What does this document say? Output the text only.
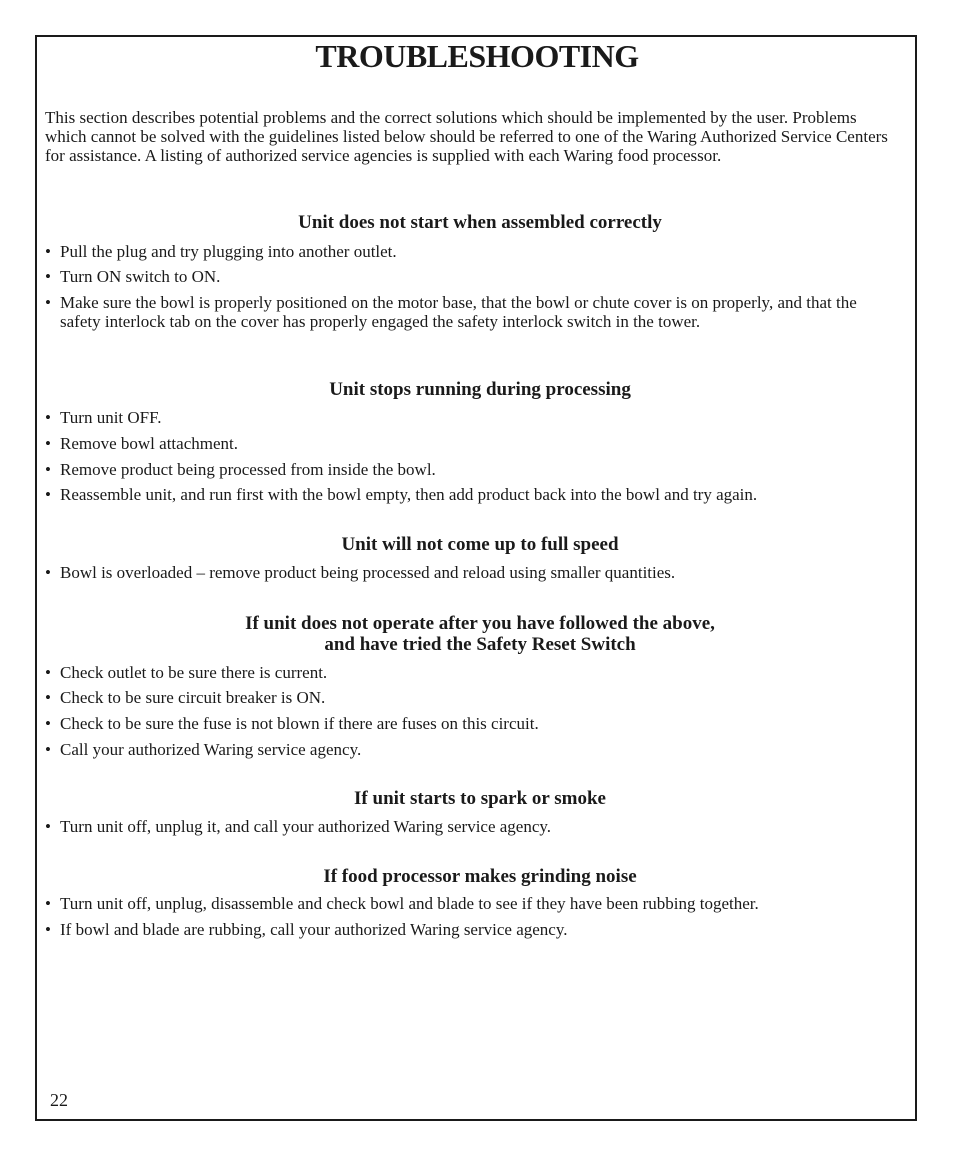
TROUBLESHOOTING

This section describes potential problems and the correct solutions which should be implemented by the user. Problems which cannot be solved with the guidelines listed below should be referred to one of the Waring Authorized Service Centers for assistance. A listing of authorized service agencies is supplied with each Waring food processor.

Unit does not start when assembled correctly

• Pull the plug and try plugging into another outlet.

• Turn ON switch to ON.

• Make sure the bowl is properly positioned on the motor base, that the bowl or chute cover is on properly, and that the safety interlock tab on the cover has properly engaged the safety interlock switch in the tower.

Unit stops running during processing

• Turn unit OFF.

• Remove bowl attachment.

• Remove product being processed from inside the bowl.

• Reassemble unit, and run first with the bowl empty, then add product back into the bowl and try again.

Unit will not come up to full speed

• Bowl is overloaded – remove product being processed and reload using smaller quantities.

If unit does not operate after you have followed the above,
and have tried the Safety Reset Switch

• Check outlet to be sure there is current.

• Check to be sure circuit breaker is ON.

• Check to be sure the fuse is not blown if there are fuses on this circuit.

• Call your authorized Waring service agency.

If unit starts to spark or smoke

• Turn unit off, unplug it, and call your authorized Waring service agency.

If food processor makes grinding noise

• Turn unit off, unplug, disassemble and check bowl and blade to see if they have been rubbing together.

• If bowl and blade are rubbing, call your authorized Waring service agency.

22
